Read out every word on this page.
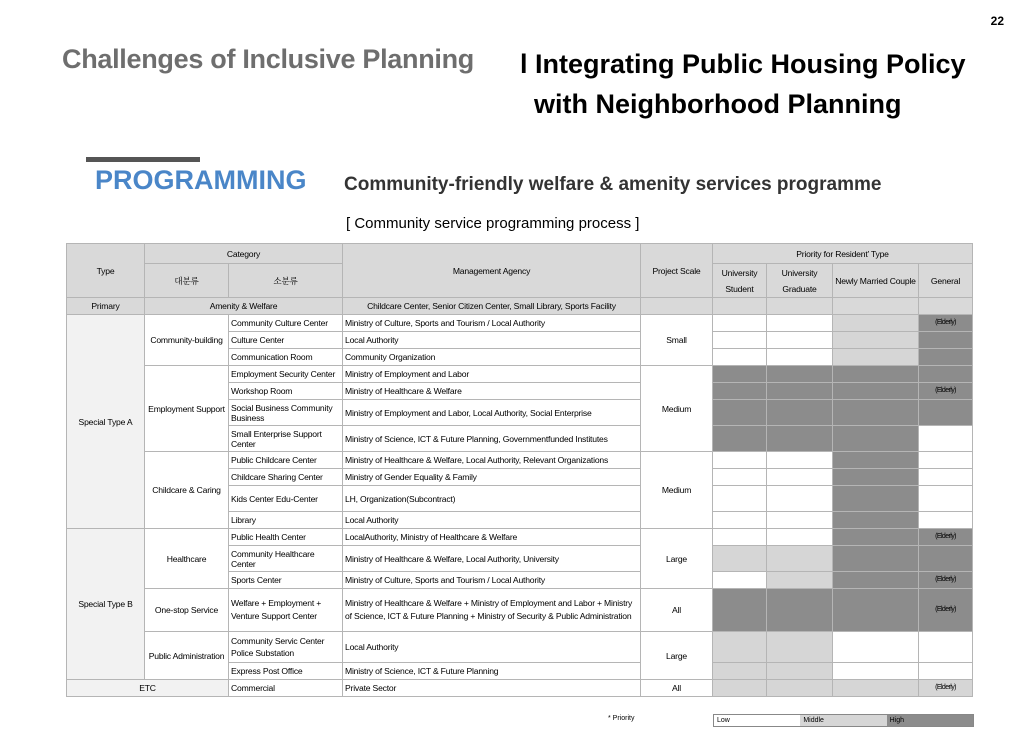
22
Challenges of Inclusive Planning l Integrating Public Housing Policy
with Neighborhood Planning
PROGRAMMING Community-friendly welfare & amenity services programme
[ Community service programming process ]
Type	Category		Management Agency	Project Scale	Priority for Resident’ Type			
	대분류	소분류			University Student	University Graduate	Newly Married Couple	General
Primary	Amenity & Welfare		Childcare Center, Senior Citizen Center, Small Library, Sports Facility					
Special Type A	Community-building	Community Culture Center	Ministry of Culture, Sports and Tourism / Local Authority	Small				(Elderly)
		Culture Center	Local Authority					
		Communication Room	Community Organization					
	Employment Support	Employment Security Center	Ministry of Employment and Labor	Medium				
		Workshop Room	Ministry of Healthcare & Welfare					(Elderly)
		Social Business Community Business	Ministry of Employment and Labor, Local Authority, Social Enterprise					
		Small Enterprise Support Center	Ministry of Science, ICT & Future Planning, Governmentfunded Institutes					
	Childcare & Caring	Public Childcare Center	Ministry of Healthcare & Welfare, Local Authority, Relevant Organizations	Medium				
		Childcare Sharing Center	Ministry of Gender Equality & Family					
		Kids Center Edu-Center	LH, Organization(Subcontract)					
		Library	Local Authority					
Special Type B	Healthcare	Public Health Center	LocalAuthority, Ministry of Healthcare & Welfare	Large				(Elderly)
		Community Healthcare Center	Ministry of Healthcare & Welfare, Local Authority, University					
		Sports Center	Ministry of Culture, Sports and Tourism / Local Authority					(Elderly)
	One-stop Service	Welfare + Employment + Venture Support Center	Ministry of Healthcare & Welfare + Ministry of Employment and Labor + Ministry of Science, ICT & Future Planning + Ministry of Security & Public Administration	All				(Elderly)
	Public Administration	Community Servic Center Police Substation	Local Authority	Large				
		Express Post Office	Ministry of Science, ICT & Future Planning					
ETC		Commercial	Private Sector	All				(Elderly)
* Priority	Low	Middle	High
